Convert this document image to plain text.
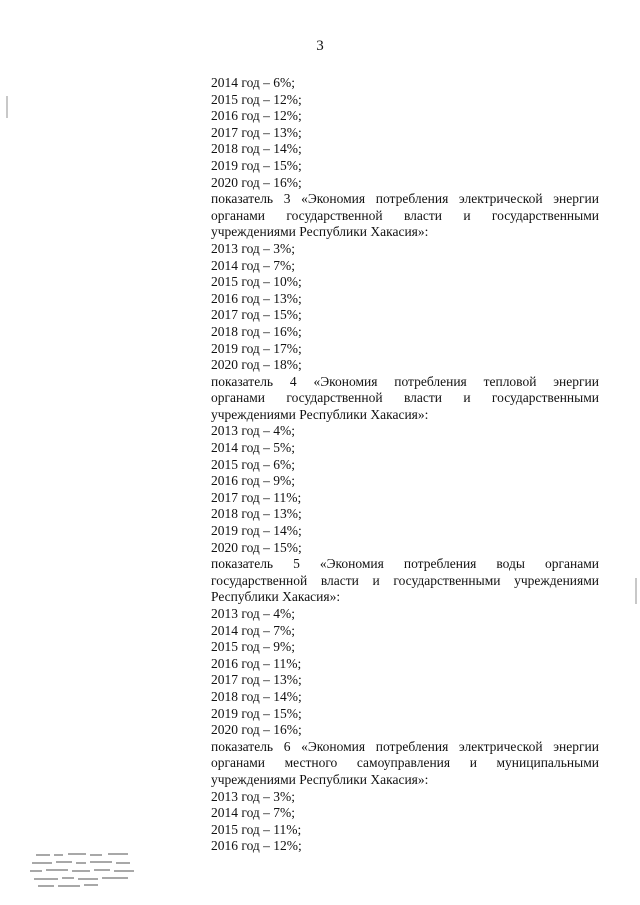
3
2014 год – 6%;
2015 год – 12%;
2016 год – 12%;
2017 год – 13%;
2018 год – 14%;
2019 год – 15%;
2020 год – 16%;
показатель 3 «Экономия потребления электрической энергии
органами государственной власти и государственными
учреждениями Республики Хакасия»:
2013 год – 3%;
2014 год – 7%;
2015 год – 10%;
2016 год – 13%;
2017 год – 15%;
2018 год – 16%;
2019 год – 17%;
2020 год – 18%;
показатель 4 «Экономия потребления тепловой энергии
органами государственной власти и государственными
учреждениями Республики Хакасия»:
2013 год – 4%;
2014 год – 5%;
2015 год – 6%;
2016 год – 9%;
2017 год – 11%;
2018 год – 13%;
2019 год – 14%;
2020 год – 15%;
показатель 5 «Экономия потребления воды органами
государственной власти и государственными учреждениями
Республики Хакасия»:
2013 год – 4%;
2014 год – 7%;
2015 год – 9%;
2016 год – 11%;
2017 год – 13%;
2018 год – 14%;
2019 год – 15%;
2020 год – 16%;
показатель 6 «Экономия потребления электрической энергии
органами местного самоуправления и муниципальными
учреждениями Республики Хакасия»:
2013 год – 3%;
2014 год – 7%;
2015 год – 11%;
2016 год – 12%;
